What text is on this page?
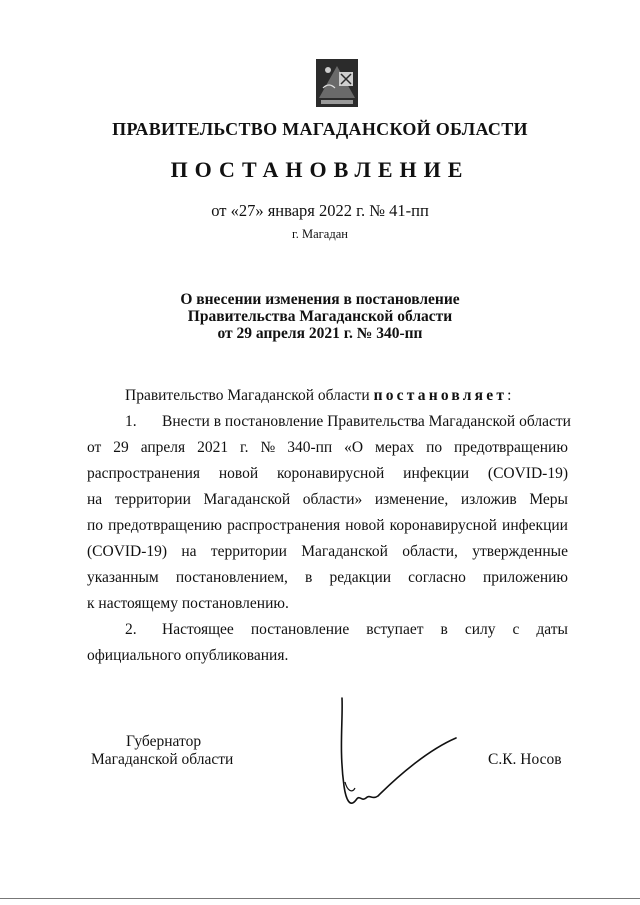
ПРАВИТЕЛЬСТВО МАГАДАНСКОЙ ОБЛАСТИ
ПОСТАНОВЛЕНИЕ
от «27» января 2022 г. № 41-пп
г. Магадан
О внесении изменения в постановление
Правительства Магаданской области
от 29 апреля 2021 г. № 340-пп
Правительство Магаданской области постановляет:
1. Внести в постановление Правительства Магаданской области
от 29 апреля 2021 г. № 340-пп «О мерах по предотвращению
распространения новой коронавирусной инфекции (COVID-19)
на территории Магаданской области» изменение, изложив Меры
по предотвращению распространения новой коронавирусной инфекции
(COVID-19) на территории Магаданской области, утвержденные
указанным постановлением, в редакции согласно приложению
к настоящему постановлению.
2. Настоящее постановление вступает в силу с даты
официального опубликования.
Губернатор
Магаданской области	С.К. Носов
